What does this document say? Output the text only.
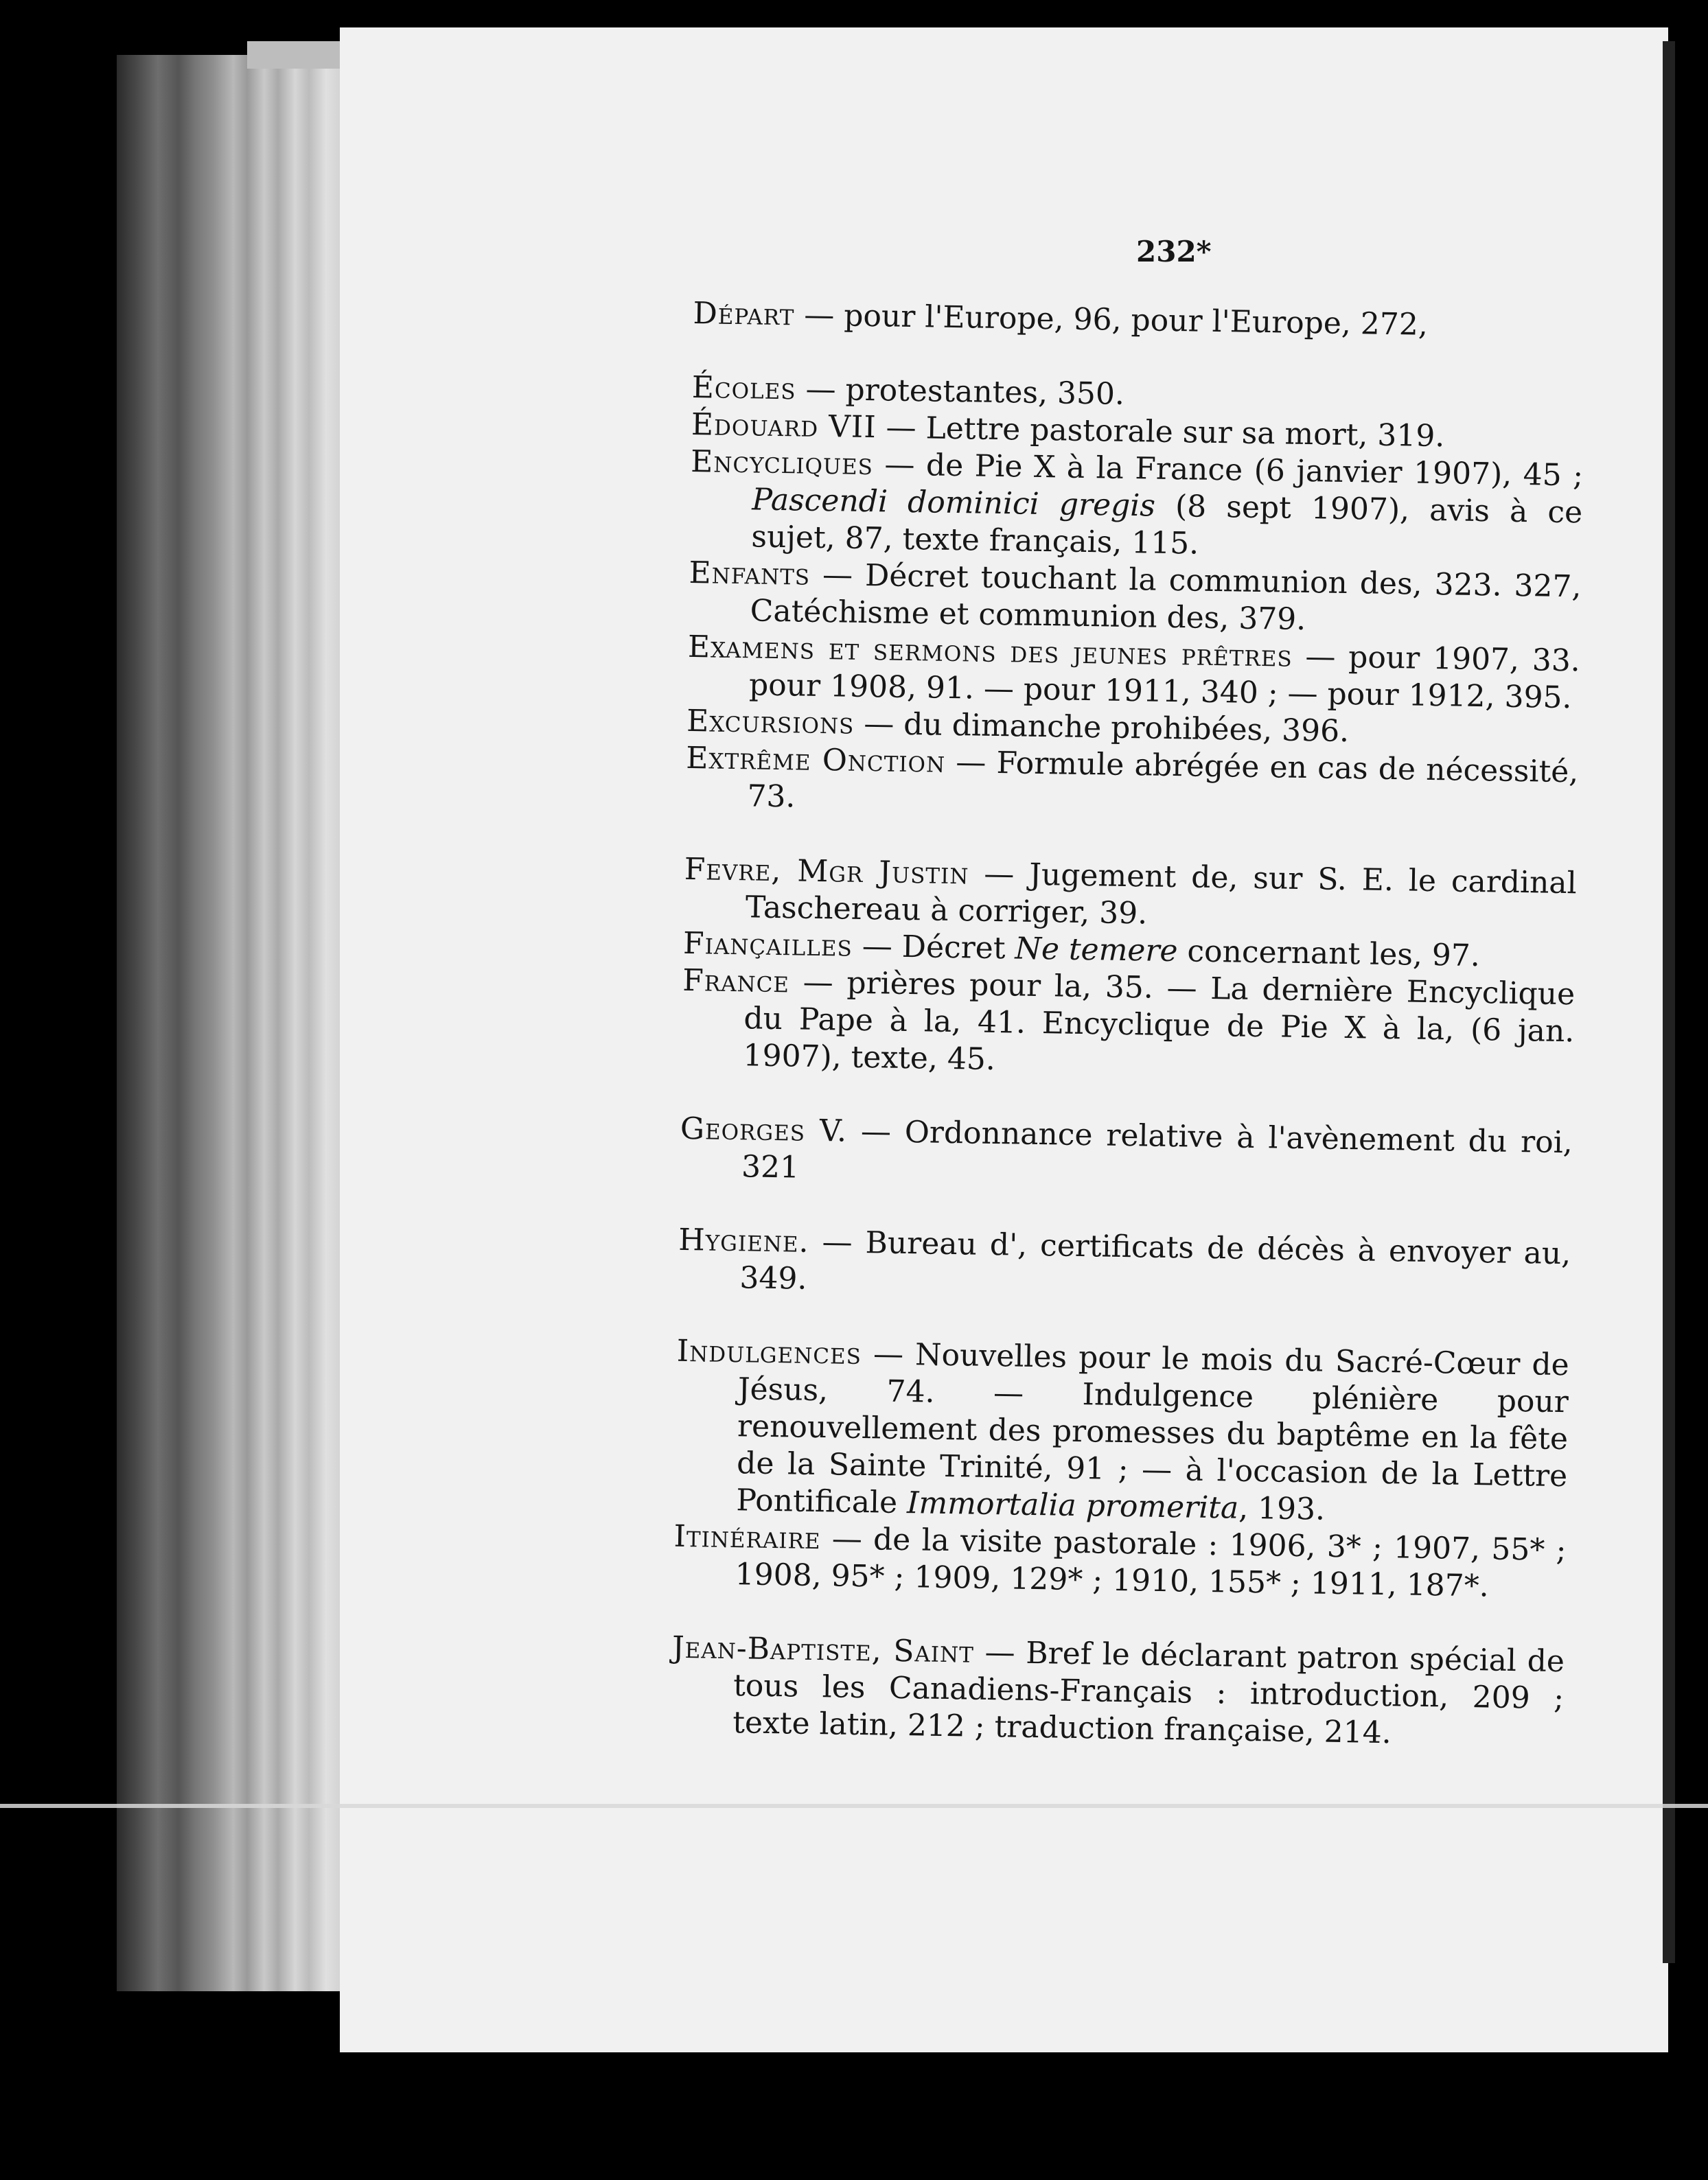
232*

Départ — pour l'Europe, 96, pour l'Europe, 272,

Écoles — protestantes, 350.

Édouard VII — Lettre pastorale sur sa mort, 319.

Encycliques — de Pie X à la France (6 janvier 1907), 45 ; Pascendi dominici gregis (8 sept 1907), avis à ce sujet, 87, texte français, 115.

Enfants — Décret touchant la communion des, 323. 327, Catéchisme et communion des, 379.

Examens et sermons des jeunes prêtres — pour 1907, 33. pour 1908, 91. — pour 1911, 340 ; — pour 1912, 395.

Excursions — du dimanche prohibées, 396.

Extrême Onction — Formule abrégée en cas de nécessité, 73.

Fevre, Mgr Justin — Jugement de, sur S. E. le cardinal Taschereau à corriger, 39.

Fiançailles — Décret Ne temere concernant les, 97.

France — prières pour la, 35. — La dernière Encyclique du Pape à la, 41. Encyclique de Pie X à la, (6 jan. 1907), texte, 45.

Georges V. — Ordonnance relative à l'avènement du roi, 321

Hygiene. — Bureau d', certificats de décès à envoyer au, 349.

Indulgences — Nouvelles pour le mois du Sacré-Cœur de Jésus, 74. — Indulgence plénière pour renouvellement des promesses du baptême en la fête de la Sainte Trinité, 91 ; — à l'occasion de la Lettre Pontificale Immortalia promerita, 193.

Itinéraire — de la visite pastorale : 1906, 3* ; 1907, 55* ; 1908, 95* ; 1909, 129* ; 1910, 155* ; 1911, 187*.

Jean-Baptiste, Saint — Bref le déclarant patron spécial de tous les Canadiens-Français : introduction, 209 ; texte latin, 212 ; traduction française, 214.
